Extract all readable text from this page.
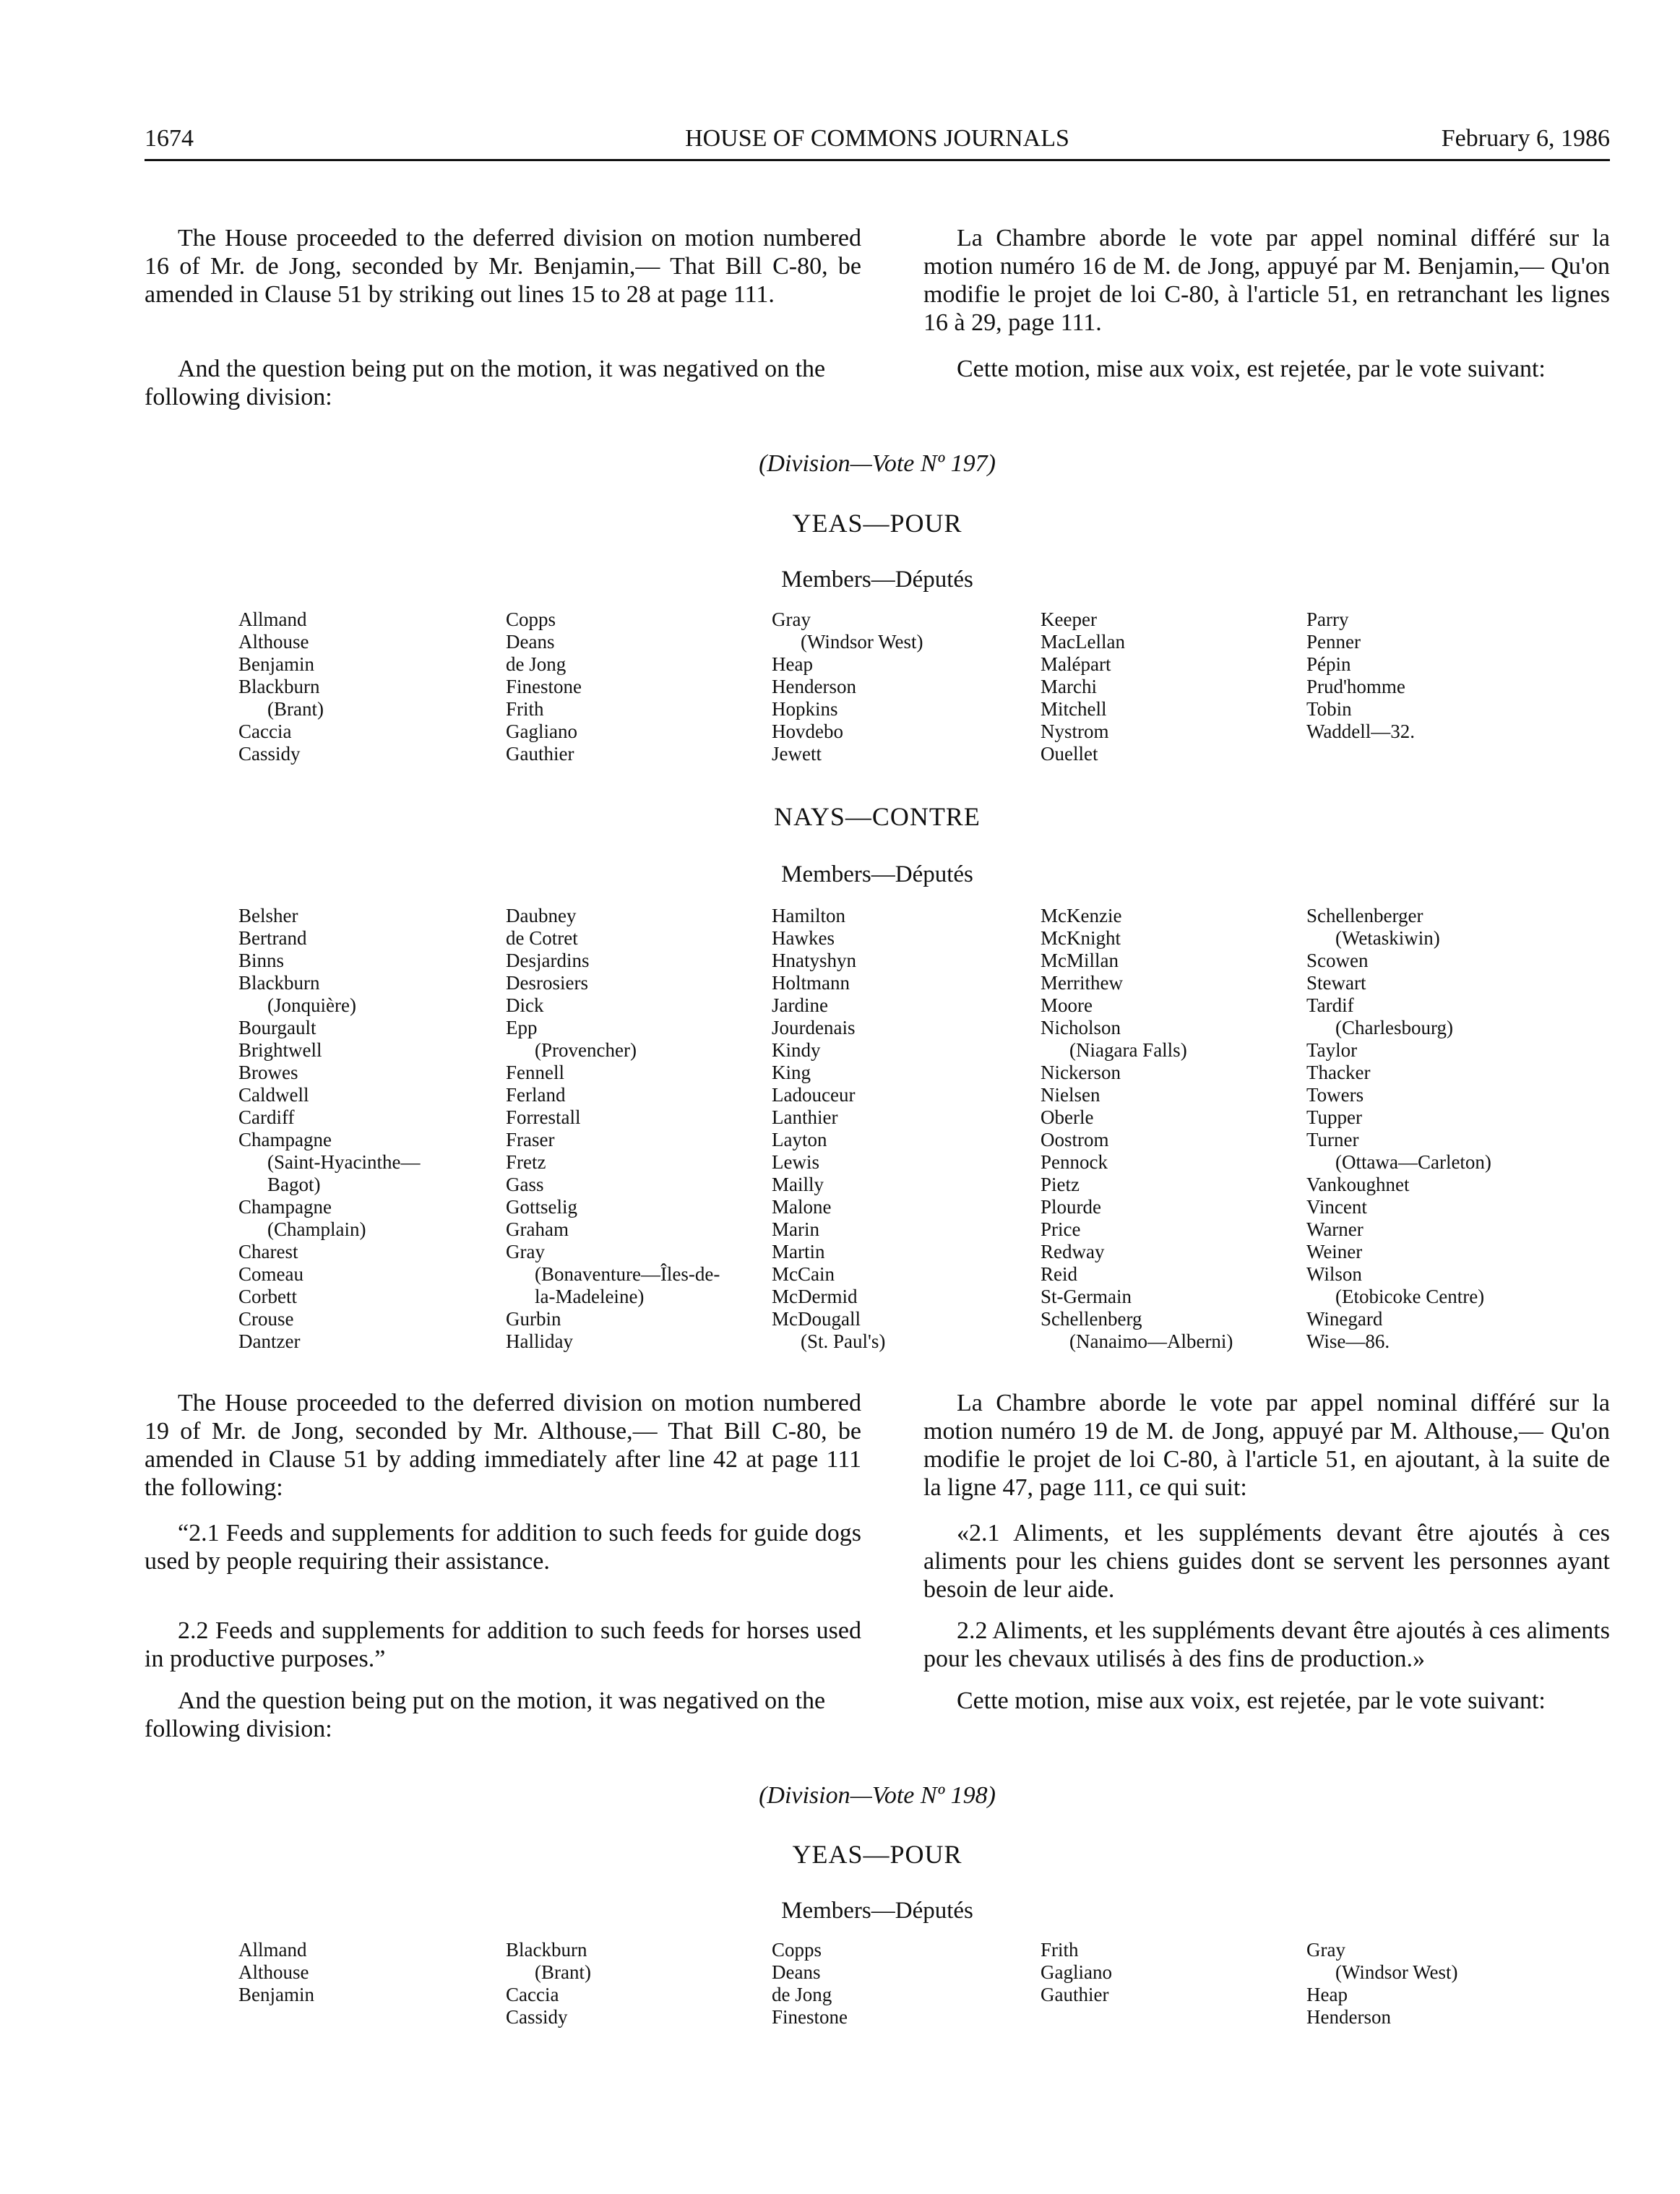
1674	HOUSE OF COMMONS JOURNALS	February 6, 1986
The House proceeded to the deferred division on motion numbered 16 of Mr. de Jong, seconded by Mr. Benjamin,— That Bill C-80, be amended in Clause 51 by striking out lines 15 to 28 at page 111.
And the question being put on the motion, it was negatived on the following division:
La Chambre aborde le vote par appel nominal différé sur la motion numéro 16 de M. de Jong, appuyé par M. Benjamin,— Qu'on modifie le projet de loi C-80, à l'article 51, en retranchant les lignes 16 à 29, page 111.
Cette motion, mise aux voix, est rejetée, par le vote suivant:
(Division—Vote Nº 197)
YEAS—POUR
Members—Députés
Allmand
Althouse
Benjamin
Blackburn
(Brant)
Caccia
Cassidy
Copps
Deans
de Jong
Finestone
Frith
Gagliano
Gauthier
Gray
(Windsor West)
Heap
Henderson
Hopkins
Hovdebo
Jewett
Keeper
MacLellan
Malépart
Marchi
Mitchell
Nystrom
Ouellet
Parry
Penner
Pépin
Prud'homme
Tobin
Waddell—32.
NAYS—CONTRE
Members—Députés
Belsher
Bertrand
Binns
Blackburn
(Jonquière)
Bourgault
Brightwell
Browes
Caldwell
Cardiff
Champagne
(Saint-Hyacinthe—
Bagot)
Champagne
(Champlain)
Charest
Comeau
Corbett
Crouse
Dantzer
Daubney
de Cotret
Desjardins
Desrosiers
Dick
Epp
(Provencher)
Fennell
Ferland
Forrestall
Fraser
Fretz
Gass
Gottselig
Graham
Gray
(Bonaventure—Îles-de-
la-Madeleine)
Gurbin
Halliday
Hamilton
Hawkes
Hnatyshyn
Holtmann
Jardine
Jourdenais
Kindy
King
Ladouceur
Lanthier
Layton
Lewis
Mailly
Malone
Marin
Martin
McCain
McDermid
McDougall
(St. Paul's)
McKenzie
McKnight
McMillan
Merrithew
Moore
Nicholson
(Niagara Falls)
Nickerson
Nielsen
Oberle
Oostrom
Pennock
Pietz
Plourde
Price
Redway
Reid
St-Germain
Schellenberg
(Nanaimo—Alberni)
Schellenberger
(Wetaskiwin)
Scowen
Stewart
Tardif
(Charlesbourg)
Taylor
Thacker
Towers
Tupper
Turner
(Ottawa—Carleton)
Vankoughnet
Vincent
Warner
Weiner
Wilson
(Etobicoke Centre)
Winegard
Wise—86.
The House proceeded to the deferred division on motion numbered 19 of Mr. de Jong, seconded by Mr. Althouse,— That Bill C-80, be amended in Clause 51 by adding immediately after line 42 at page 111 the following:
“2.1 Feeds and supplements for addition to such feeds for guide dogs used by people requiring their assistance.
2.2 Feeds and supplements for addition to such feeds for horses used in productive purposes.”
And the question being put on the motion, it was negatived on the following division:
La Chambre aborde le vote par appel nominal différé sur la motion numéro 19 de M. de Jong, appuyé par M. Althouse,— Qu'on modifie le projet de loi C-80, à l'article 51, en ajoutant, à la suite de la ligne 47, page 111, ce qui suit:
«2.1 Aliments, et les suppléments devant être ajoutés à ces aliments pour les chiens guides dont se servent les personnes ayant besoin de leur aide.
2.2 Aliments, et les suppléments devant être ajoutés à ces aliments pour les chevaux utilisés à des fins de production.»
Cette motion, mise aux voix, est rejetée, par le vote suivant:
(Division—Vote Nº 198)
YEAS—POUR
Members—Députés
Allmand
Althouse
Benjamin
Blackburn
(Brant)
Caccia
Cassidy
Copps
Deans
de Jong
Finestone
Frith
Gagliano
Gauthier
Gray
(Windsor West)
Heap
Henderson
